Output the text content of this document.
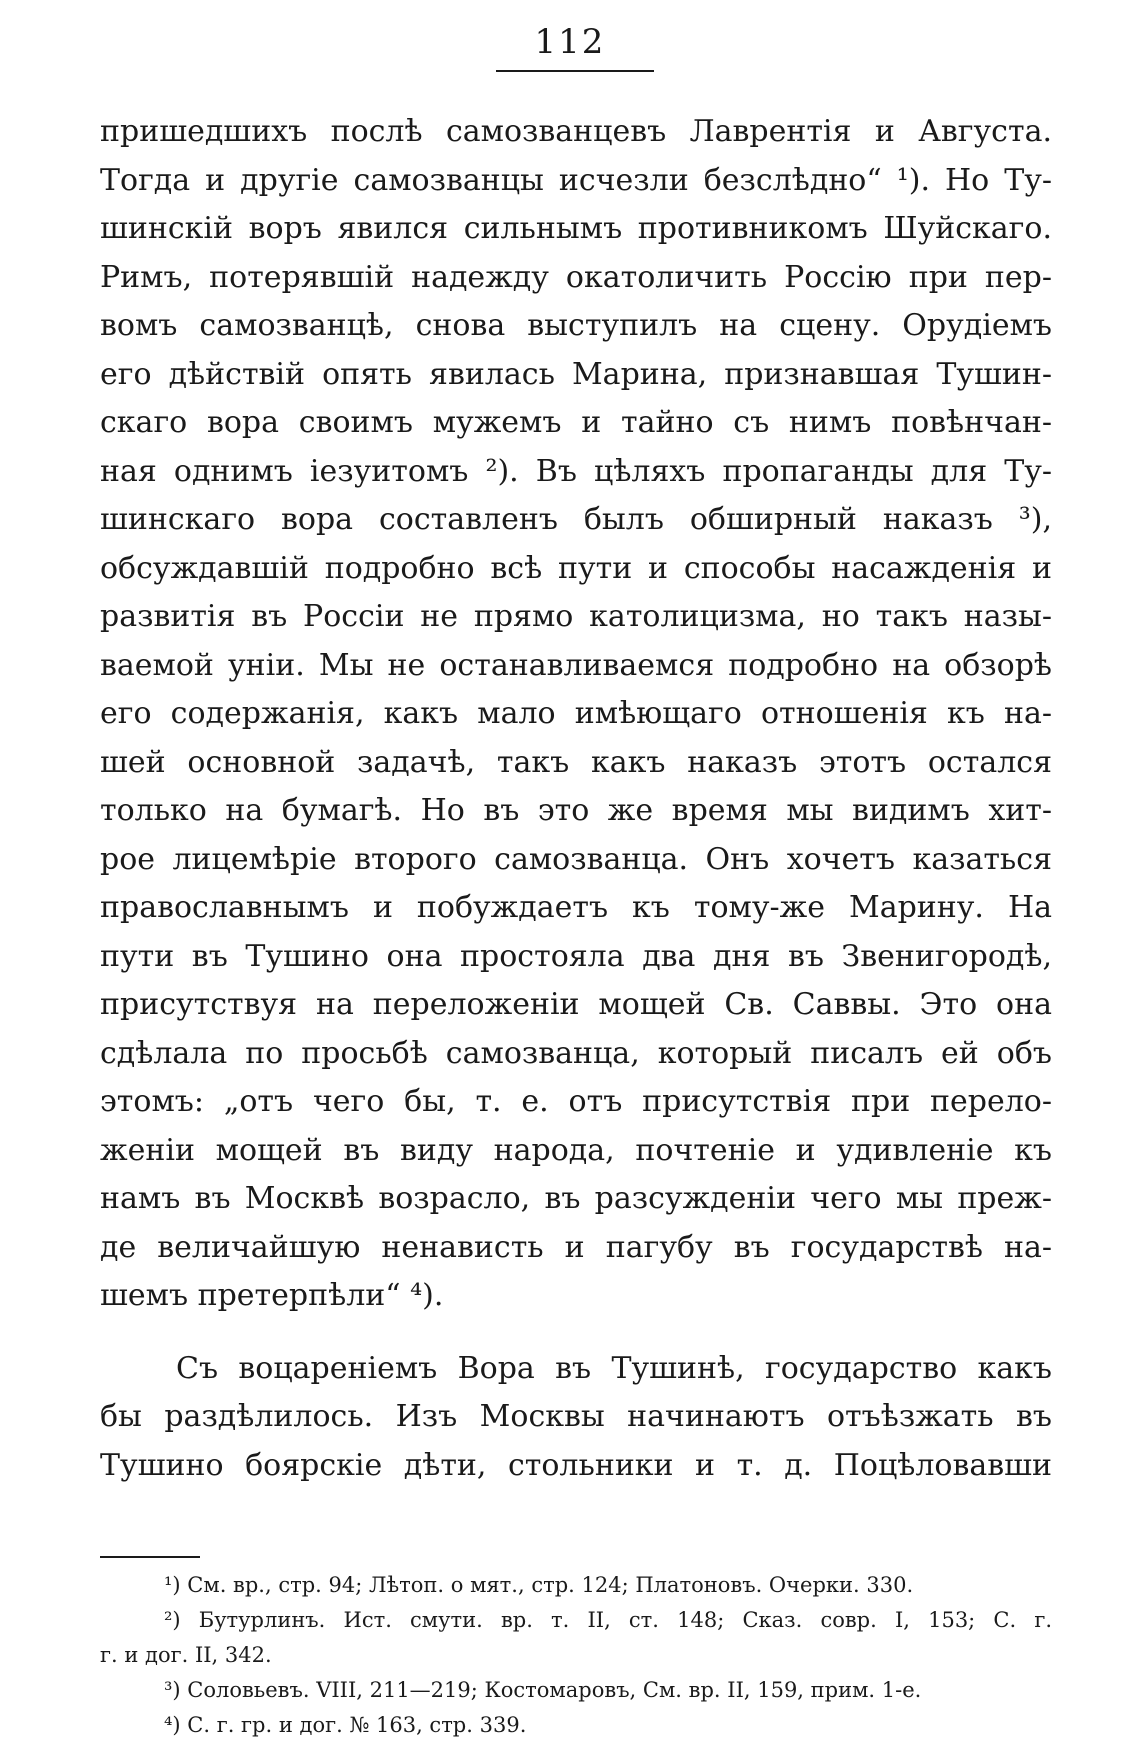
112
пришедшихъ послѣ самозванцевъ Лаврентія и Августа.
Тогда и другіе самозванцы исчезли безслѣдно“ ¹). Но Ту-
шинскій воръ явился сильнымъ противникомъ Шуйскаго.
Римъ, потерявшій надежду окатоличить Россію при пер-
вомъ самозванцѣ, снова выступилъ на сцену. Орудіемъ
его дѣйствій опять явилась Марина, признавшая Тушин-
скаго вора своимъ мужемъ и тайно съ нимъ повѣнчан-
ная однимъ іезуитомъ ²). Въ цѣляхъ пропаганды для Ту-
шинскаго вора составленъ былъ обширный наказъ ³),
обсуждавшій подробно всѣ пути и способы насажденія и
развитія въ Россіи не прямо католицизма, но такъ назы-
ваемой уніи. Мы не останавливаемся подробно на обзорѣ
его содержанія, какъ мало имѣющаго отношенія къ на-
шей основной задачѣ, такъ какъ наказъ этотъ остался
только на бумагѣ. Но въ это же время мы видимъ хит-
рое лицемѣріе второго самозванца. Онъ хочетъ казаться
православнымъ и побуждаетъ къ тому-же Марину. На
пути въ Тушино она простояла два дня въ Звенигородѣ,
присутствуя на переложеніи мощей Св. Саввы. Это она
сдѣлала по просьбѣ самозванца, который писалъ ей объ
этомъ: „отъ чего бы, т. е. отъ присутствія при перело-
женіи мощей въ виду народа, почтеніе и удивленіе къ
намъ въ Москвѣ возрасло, въ разсужденіи чего мы преж-
де величайшую ненависть и пагубу въ государствѣ на-
шемъ претерпѣли“ ⁴).
Съ воцареніемъ Вора въ Тушинѣ, государство какъ
бы раздѣлилось. Изъ Москвы начинаютъ отъѣзжать въ
Тушино боярскіе дѣти, стольники и т. д. Поцѣловавши
¹) См. вр., стр. 94; Лѣтоп. о мят., стр. 124; Платоновъ. Очерки. 330.
²) Бутурлинъ. Ист. смути. вр. т. II, ст. 148; Сказ. совр. I, 153; С. г.
г. и дог. II, 342.
³) Соловьевъ. VIII, 211—219; Костомаровъ, См. вр. II, 159, прим. 1-е.
⁴) С. г. гр. и дог. № 163, стр. 339.
